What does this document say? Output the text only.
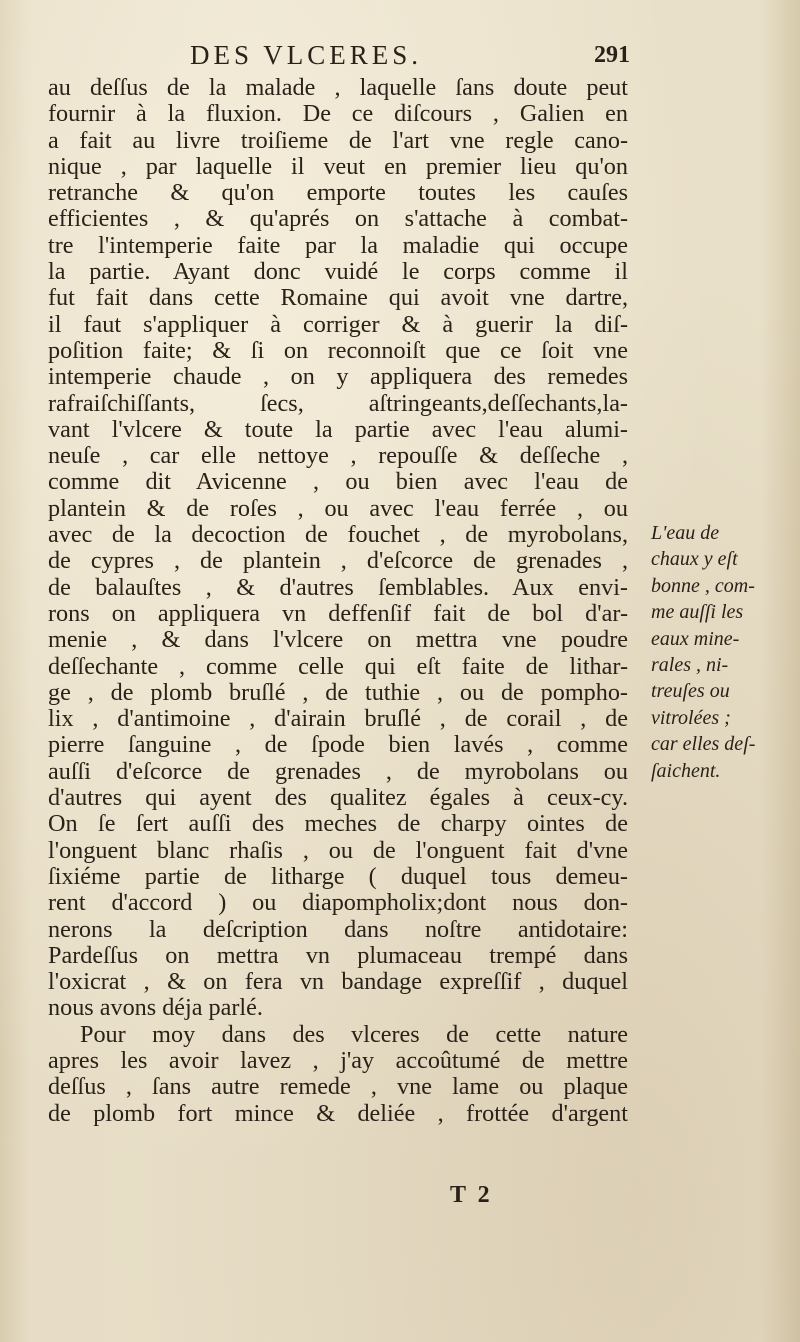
DES VLCERES.	291
au deſſus de la malade , laquelle ſans doute peut
fournir à la fluxion. De ce diſcours , Galien en
a fait au livre troiſieme de l'art vne regle cano-
nique , par laquelle il veut en premier lieu qu'on
retranche & qu'on emporte toutes les cauſes
efficientes , & qu'aprés on s'attache à combat-
tre l'intemperie faite par la maladie qui occupe
la partie. Ayant donc vuidé le corps comme il
fut fait dans cette Romaine qui avoit vne dartre,
il faut s'appliquer à corriger & à guerir la diſ-
poſition faite; & ſi on reconnoiſt que ce ſoit vne
intemperie chaude , on y appliquera des remedes
rafraiſchiſſants, ſecs, aſtringeants,deſſechants,la-
vant l'vlcere & toute la partie avec l'eau alumi-
neuſe , car elle nettoye , repouſſe & deſſeche ,
comme dit Avicenne , ou bien avec l'eau de
plantein & de roſes , ou avec l'eau ferrée , ou
avec de la decoction de fouchet , de myrobolans,
de cypres , de plantein , d'eſcorce de grenades ,
de balauſtes , & d'autres ſemblables. Aux envi-
rons on appliquera vn deffenſif fait de bol d'ar-
menie , & dans l'vlcere on mettra vne poudre
deſſechante , comme celle qui eſt faite de lithar-
ge , de plomb bruſlé , de tuthie , ou de pompho-
lix , d'antimoine , d'airain bruſlé , de corail , de
pierre ſanguine , de ſpode bien lavés , comme
auſſi d'eſcorce de grenades , de myrobolans ou
d'autres qui ayent des qualitez égales à ceux-cy.
On ſe ſert auſſi des meches de charpy ointes de
l'onguent blanc rhaſis , ou de l'onguent fait d'vne
ſixiéme partie de litharge ( duquel tous demeu-
rent d'accord ) ou diapompholix;dont nous don-
nerons la deſcription dans noſtre antidotaire:
Pardeſſus on mettra vn plumaceau trempé dans
l'oxicrat , & on fera vn bandage expreſſif , duquel
nous avons déja parlé.
Pour moy dans des vlceres de cette nature
apres les avoir lavez , j'ay accoûtumé de mettre
deſſus , ſans autre remede , vne lame ou plaque
de plomb fort mince & deliée , frottée d'argent
L'eau de
chaux y eſt
bonne , com-
me auſſi les
eaux mine-
rales , ni-
treuſes ou
vitrolées ;
car elles deſ-
ſaichent.
T 2
